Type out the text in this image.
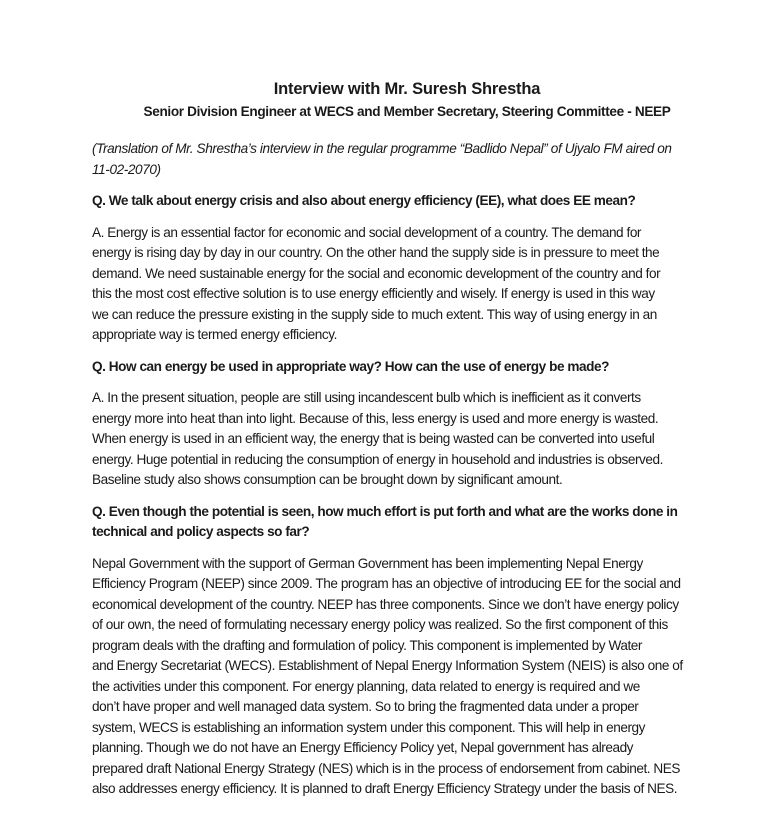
Interview with Mr. Suresh Shrestha
Senior Division Engineer at WECS and Member Secretary, Steering Committee - NEEP

(Translation of Mr. Shrestha’s interview in the regular programme “Badlido Nepal” of Ujyalo FM aired on
11-02-2070)

Q. We talk about energy crisis and also about energy efficiency (EE), what does EE mean?

A. Energy is an essential factor for economic and social development of a country. The demand for
energy is rising day by day in our country. On the other hand the supply side is in pressure to meet the
demand. We need sustainable energy for the social and economic development of the country and for
this the most cost effective solution is to use energy efficiently and wisely. If energy is used in this way
we can reduce the pressure existing in the supply side to much extent. This way of using energy in an
appropriate way is termed energy efficiency.

Q. How can energy be used in appropriate way? How can the use of energy be made?

A. In the present situation, people are still using incandescent bulb which is inefficient as it converts
energy more into heat than into light. Because of this, less energy is used and more energy is wasted.
When energy is used in an efficient way, the energy that is being wasted can be converted into useful
energy. Huge potential in reducing the consumption of energy in household and industries is observed.
Baseline study also shows consumption can be brought down by significant amount.

Q. Even though the potential is seen, how much effort is put forth and what are the works done in
technical and policy aspects so far?

Nepal Government with the support of German Government has been implementing Nepal Energy
Efficiency Program (NEEP) since 2009. The program has an objective of introducing EE for the social and
economical development of the country. NEEP has three components. Since we don’t have energy policy
of our own, the need of formulating necessary energy policy was realized. So the first component of this
program deals with the drafting and formulation of policy. This component is implemented by Water
and Energy Secretariat (WECS). Establishment of Nepal Energy Information System (NEIS) is also one of
the activities under this component. For energy planning, data related to energy is required and we
don’t have proper and well managed data system. So to bring the fragmented data under a proper
system, WECS is establishing an information system under this component. This will help in energy
planning. Though we do not have an Energy Efficiency Policy yet, Nepal government has already
prepared draft National Energy Strategy (NES) which is in the process of endorsement from cabinet. NES
also addresses energy efficiency. It is planned to draft Energy Efficiency Strategy under the basis of NES.
